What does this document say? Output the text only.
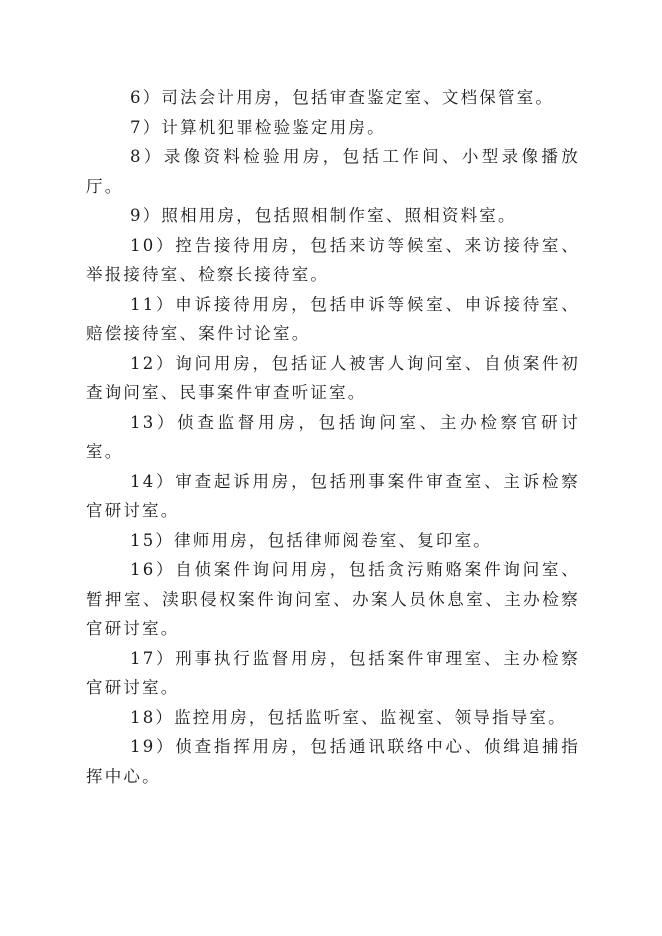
6）司法会计用房，包括审查鉴定室、文档保管室。

7）计算机犯罪检验鉴定用房。

8）录像资料检验用房，包括工作间、小型录像播放厅。

9）照相用房，包括照相制作室、照相资料室。

10）控告接待用房，包括来访等候室、来访接待室、举报接待室、检察长接待室。

11）申诉接待用房，包括申诉等候室、申诉接待室、赔偿接待室、案件讨论室。

12）询问用房，包括证人被害人询问室、自侦案件初查询问室、民事案件审查听证室。

13）侦查监督用房，包括询问室、主办检察官研讨室。

14）审查起诉用房，包括刑事案件审查室、主诉检察官研讨室。

15）律师用房，包括律师阅卷室、复印室。

16）自侦案件询问用房，包括贪污贿赂案件询问室、暂押室、渎职侵权案件询问室、办案人员休息室、主办检察官研讨室。

17）刑事执行监督用房，包括案件审理室、主办检察官研讨室。

18）监控用房，包括监听室、监视室、领导指导室。

19）侦查指挥用房，包括通讯联络中心、侦缉追捕指挥中心。
